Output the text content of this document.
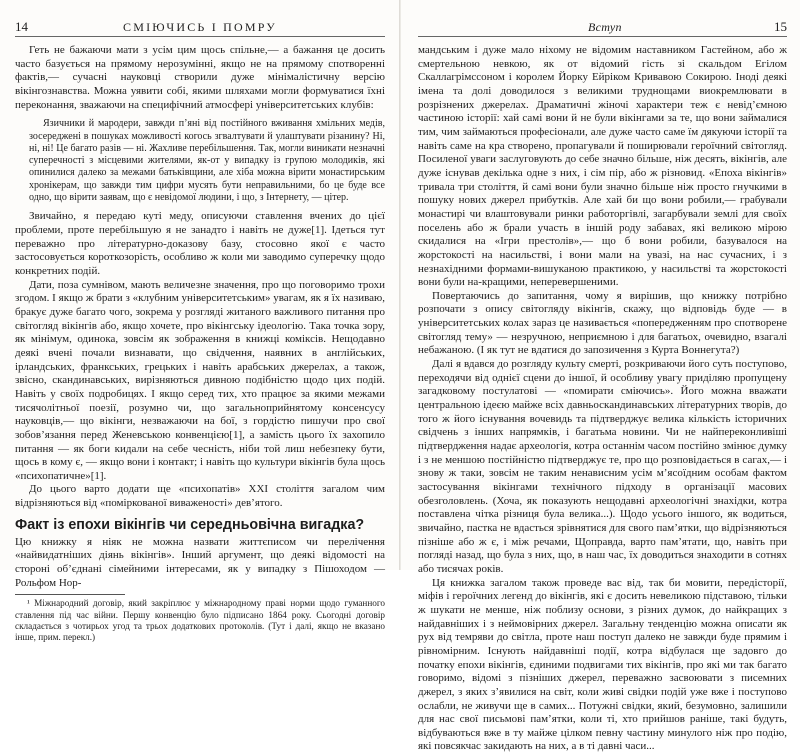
14	СМІЮЧИСЬ І ПОМРУ

Геть не бажаючи мати з усім цим щось спільне,— а бажання це досить часто базується на прямому нерозумінні, якщо не на прямому спотворенні фактів,— сучасні науковці створили дуже мінімалістичну версію вікінгознавства. Можна уявити собі, якими шляхами могли формуватися їхні переконання, зважаючи на специфічний атмосфері університетських клубів:

Язичники й мародери, завжди п’яні від постійного вживання хмільних медів, зосереджені в пошуках можливості когось згвалтувати й улаштувати різанину? Ні, ні, ні! Це багато разів — ні. Жахливе перебільшення. Так, могли виникати незначні суперечності з місцевими жителями, як-от у випадку із групою молодиків, які опинилися далеко за межами батьківщини, але хіба можна вірити монастирським хронікерам, що завжди тим цифри мусять бути неправильними, бо це буде все одно, що вірити заявам, що є невідомої людини, і що, з Інтернету, — цітер.

Звичайно, я передаю куті меду, описуючи ставлення вчених до цієї проблеми, проте перебільшую я не занадто і навіть не дуже[1]. Ідеться тут переважно про літературно-доказову базу, стосовно якої є часто застосовується короткозорість, особливо ж коли ми заводимо суперечку щодо конкретних подій.

Дати, поза сумнівом, мають величезне значення, про що поговоримо трохи згодом. І якщо ж брати з «клубним університетським» увагам, як я їх називаю, бракує дуже багато чого, зокрема у розгляді житаного важливого питання про світогляд вікінгів або, якщо хочете, про вікінгську ідеологію. Така точка зору, як мінімум, одинока, зовсім як зображення в книжці коміксів. Нещодавно деякі вчені почали визнавати, що свідчення, наявних в англійських, ірландських, франкських, грецьких і навіть арабських джерелах, а також, звісно, скандинавських, вирізняються дивною подібністю щодо цих подій. Навіть у своїх подробицях. І якщо серед тих, хто працює за якими межами тисячолітньої поезії, розумно чи, що загальноприйнятому консенсусу науковців,— що вікінги, незважаючи на бої, з гордістю пишучи про свої зобов’язання перед Женевською конвенцією[1], а замість цього їх захопило питання — як боги кидали на себе чесність, ніби той лиш небезпеку бути, щось в кому є, — якщо вони і контакт; і навіть що культури вікінгів була щось «психопатичне»[1].

До цього варто додати ще «психопатів» XXI століття загалом чим відрізняються від «поміркованої виваженості» дев’ятого.

Факт із епохи вікінгів чи середньовічна вигадка?

Цю книжку я ніяк не можна назвати життєписом чи перелічення «найвидатніших діянь вікінгів». Інший аргумент, що деякі відомості на стороні об’єднані сімейними інтересами, як у випадку з Пішоходом — Рольфом Нор-

¹ Міжнародний договір, який закріплює у міжнародному праві норми щодо гуманного ставлення під час війни. Першу конвенцію було підписано 1864 року. Сьогодні договір складається з чотирьох угод та трьох додаткових протоколів. (Тут і далі, якщо не вказано інше, прим. перекл.)

Вступ	15

мандським і дуже мало ніхому не відомим наставником Гастейном, або ж смертельною невкою, як от відомий гість зі скальдом Егілом Скаллагрімссоном і королем Йорку Ейріком Кривавою Сокирою. Іноді деякі імена та долі доводилося з великими труднощами виокремлювати в розрізнених джерелах. Драматичні жіночі характери теж є невід’ємною частиною історії: хай самі вони й не були вікінгами за те, що вони займалися тим, чим займаються професіонали, але дуже часто саме їм дякуючи історії та навіть саме на кра створено, пропагували й поширювали героїчний світогляд. Посиленої уваги заслуговують до себе значно більше, ніж десять, вікінгів, але дуже існував декілька одне з них, і сім пір, або ж різновид. «Епоха вікінгів» тривала три століття, й самі вони були значно більше ніж просто гнучкими в пошуку нових джерел прибутків. Але хай би що вони робили,— грабували монастирі чи влаштовували ринки работоргівлі, загарбували землі для своїх поселень або ж брали участь в іншій роду забавах, які великою мірою скидалися на «Ігри престолів»,— що б вони робили, базувалося на жорстокості на насильстві, і вони мали на увазі, на нас сучасних, і з незнахідними формами-вишуканою практикою, у насильстві та жорстокості вони були на-кращими, неперевершеними.

Повертаючись до запитання, чому я вирішив, що книжку потрібно розпочати з опису світогляду вікінгів, скажу, що відповідь буде — в університетських колах зараз це називається «попередженням про спотворене світогляд тему» — незручною, неприємною і для багатьох, очевидно, взагалі небажаною. (І як тут не вдатися до запозичення з Курта Воннегута?)

Далі я вдався до розгляду культу смерті, розкриваючи його суть поступово, переходячи від однієї сцени до іншої, й особливу увагу приділяю пропущену загадковому постулатові — «помирати сміючись». Його можна вважати центральною ідеєю майже всіх давньоскандинавських літературних творів, до того ж його існування вочевидь та підтверджує велика кількість історичних свідчень з інших напрямків, і багатьма новини. Чи не найпереконливіші підтвердження надає археологія, котра останнім часом постійно змінює думку і з не меншою постійністю підтверджує те, про що розповідається в сагах,— і знову ж таки, зовсім не таким ненависним усім м’ясоїдним особам фактом застосування вікінгами технічного підходу в організації масових обезголовлень. (Хоча, як показують нещодавні археологічні знахідки, котра поставлена чітка різниця була велика...). Щодо усього іншого, як водиться, звичайно, пастка не вдасться зрівнятися для свого пам’ятки, що відрізняються пізніше або ж є, і між речами, Щоправда, варто пам’ятати, що, навіть при погляді назад, що була з них, що, в наш час, їх доводиться знаходити в сотнях або тисячах років.

Ця книжка загалом також проведе вас від, так би мовити, передісторії, міфів і героїчних легенд до вікінгів, які є досить невеликою підставою, тільки ж шукати не менше, ніж поблизу основи, з різних думок, до найкращих з найдавніших і з неймовірних джерел. Загальну тенденцію можна описати як рух від темряви до світла, проте наш поступ далеко не завжди буде прямим і рівномірним. Існують найдавніші події, котра відбулася ще задовго до початку епохи вікінгів, єдиними подвигами тих вікінгів, про які ми так багато говоримо, відомі з пізніших джерел, переважно засвоювати з писемних джерел, з яких з’явилися на світ, коли живі свідки подій уже вже і поступово ослабли, не живучи ще в самих... Потужні свідки, який, безумовно, залишили для нас свої письмові пам’ятки, коли ті, хто прийшов раніше, такі будуть, відбуваються вже в ту майже цілком певну частину минулого ніж про подію, які повсякчас закидають на них, а в ті давні часи...
